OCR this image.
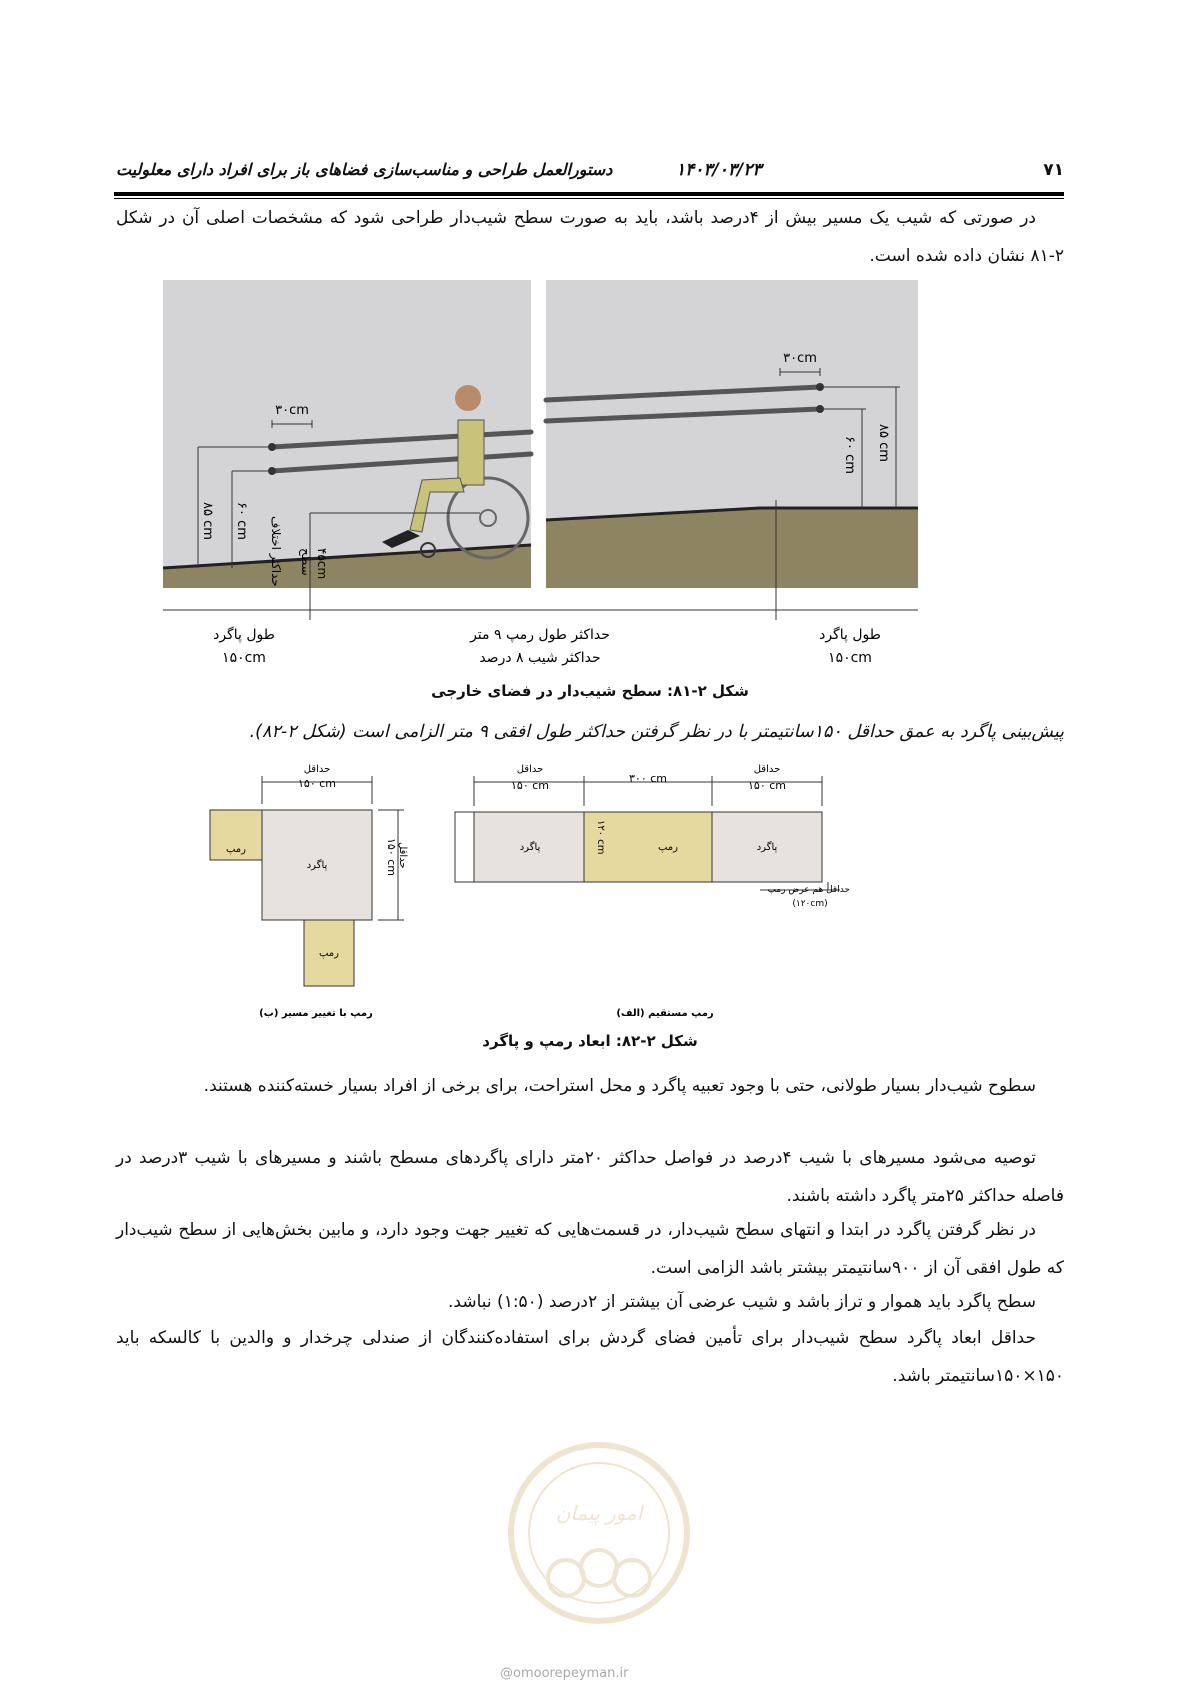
۷۱
۱۴۰۳/۰۳/۲۳
دستورالعمل طراحی و مناسب‌سازی فضاهای باز برای افراد دارای معلولیت
در صورتی که شیب یک مسیر بیش از ۴درصد باشد، باید به صورت سطح شیب‌دار طراحی شود که مشخصات اصلی آن در شکل ۲-۸۱ نشان داده شده است.
۳۰cm
۸۵ cm ۶۰ cm حداکثر اختلاف سطح ۴۵cm
۳۰cm
۸۵ cm
۶۰ cm
طول پاگرد
۱۵۰cm
حداکثر طول رمپ ۹ متر
حداکثر شیب ۸ درصد
طول پاگرد
۱۵۰cm
شکل ۲-۸۱: سطح شیب‌دار در فضای خارجی
پیش‌بینی پاگرد به عمق حداقل ۱۵۰سانتیمتر با در نظر گرفتن حداکثر طول افقی ۹ متر الزامی است (شکل ۲-۸۲).
حداقل
۱۵۰ cm
رمپ
پاگرد
رمپ
حداقل
۱۵۰ cm
(ب) رمپ با تغییر مسیر
حداقل
۱۵۰ cm
۳۰۰ cm
حداقل
۱۵۰ cm
پاگرد	رمپ	پاگرد
۱۲۰ cm
حداقل هم عرض رمپ
(۱۲۰cm)
(الف) رمپ مستقیم
شکل ۲-۸۲: ابعاد رمپ و پاگرد
سطوح شیب‌دار بسیار طولانی، حتی با وجود تعبیه پاگرد و محل استراحت، برای برخی از افراد بسیار خسته‌کننده هستند.
توصیه می‌شود مسیرهای با شیب ۴درصد در فواصل حداکثر ۲۰متر دارای پاگردهای مسطح باشند و مسیرهای با شیب ۳درصد در فاصله حداکثر ۲۵متر پاگرد داشته باشند.
در نظر گرفتن پاگرد در ابتدا و انتهای سطح شیب‌دار، در قسمت‌هایی که تغییر جهت وجود دارد، و مابین بخش‌هایی از سطح شیب‌دار که طول افقی آن از ۹۰۰سانتیمتر بیشتر باشد الزامی است.
سطح پاگرد باید هموار و تراز باشد و شیب عرضی آن بیشتر از ۲درصد (۱:۵۰) نباشد.
حداقل ابعاد پاگرد سطح شیب‌دار برای تأمین فضای گردش برای استفاده‌کنندگان از صندلی چرخدار و والدین با کالسکه باید ۱۵۰×۱۵۰سانتیمتر باشد.
امور پیمان
@omoorepeyman.ir
